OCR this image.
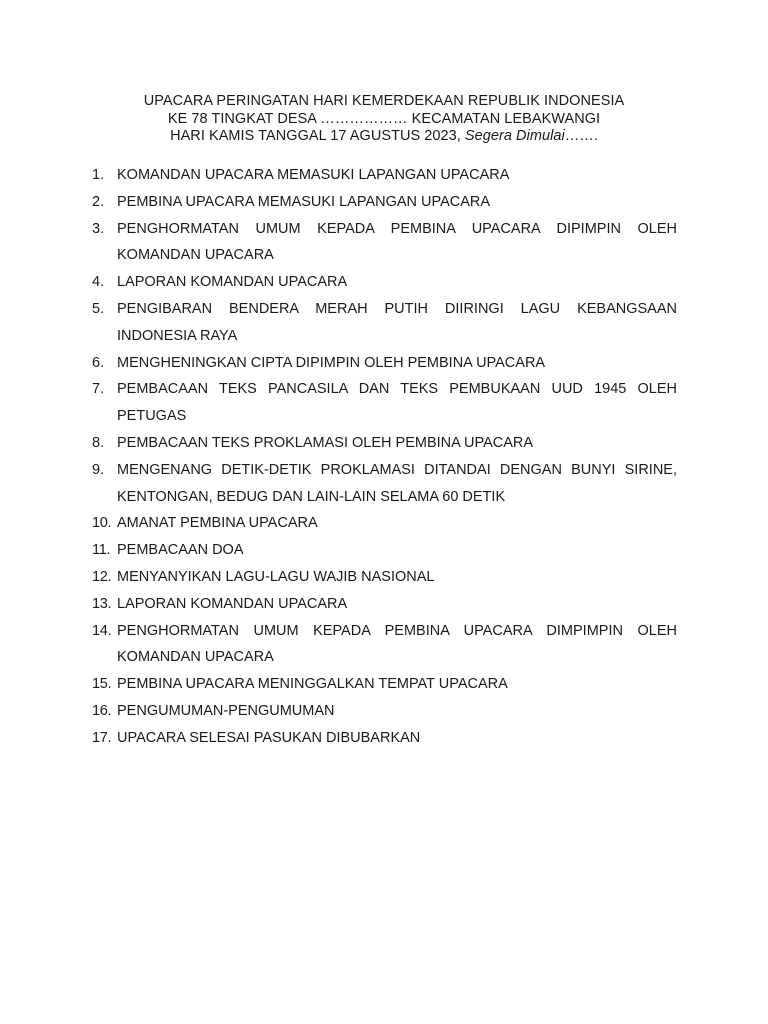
UPACARA PERINGATAN HARI KEMERDEKAAN REPUBLIK INDONESIA
KE 78 TINGKAT DESA ……………… KECAMATAN LEBAKWANGI
HARI KAMIS TANGGAL 17 AGUSTUS 2023, Segera Dimulai…….
1. KOMANDAN UPACARA MEMASUKI LAPANGAN UPACARA
2. PEMBINA UPACARA MEMASUKI LAPANGAN UPACARA
3. PENGHORMATAN UMUM KEPADA PEMBINA UPACARA DIPIMPIN OLEH
KOMANDAN UPACARA
4. LAPORAN KOMANDAN UPACARA
5. PENGIBARAN BENDERA MERAH PUTIH DIIRINGI LAGU KEBANGSAAN
INDONESIA RAYA
6. MENGHENINGKAN CIPTA DIPIMPIN OLEH PEMBINA UPACARA
7. PEMBACAAN TEKS PANCASILA DAN TEKS PEMBUKAAN UUD 1945 OLEH
PETUGAS
8. PEMBACAAN TEKS PROKLAMASI OLEH PEMBINA UPACARA
9. MENGENANG DETIK-DETIK PROKLAMASI DITANDAI DENGAN BUNYI SIRINE,
KENTONGAN, BEDUG DAN LAIN-LAIN SELAMA 60 DETIK
10. AMANAT PEMBINA UPACARA
11. PEMBACAAN DOA
12. MENYANYIKAN LAGU-LAGU WAJIB NASIONAL
13. LAPORAN KOMANDAN UPACARA
14. PENGHORMATAN UMUM KEPADA PEMBINA UPACARA DIMPIMPIN OLEH
KOMANDAN UPACARA
15. PEMBINA UPACARA MENINGGALKAN TEMPAT UPACARA
16. PENGUMUMAN-PENGUMUMAN
17. UPACARA SELESAI PASUKAN DIBUBARKAN
